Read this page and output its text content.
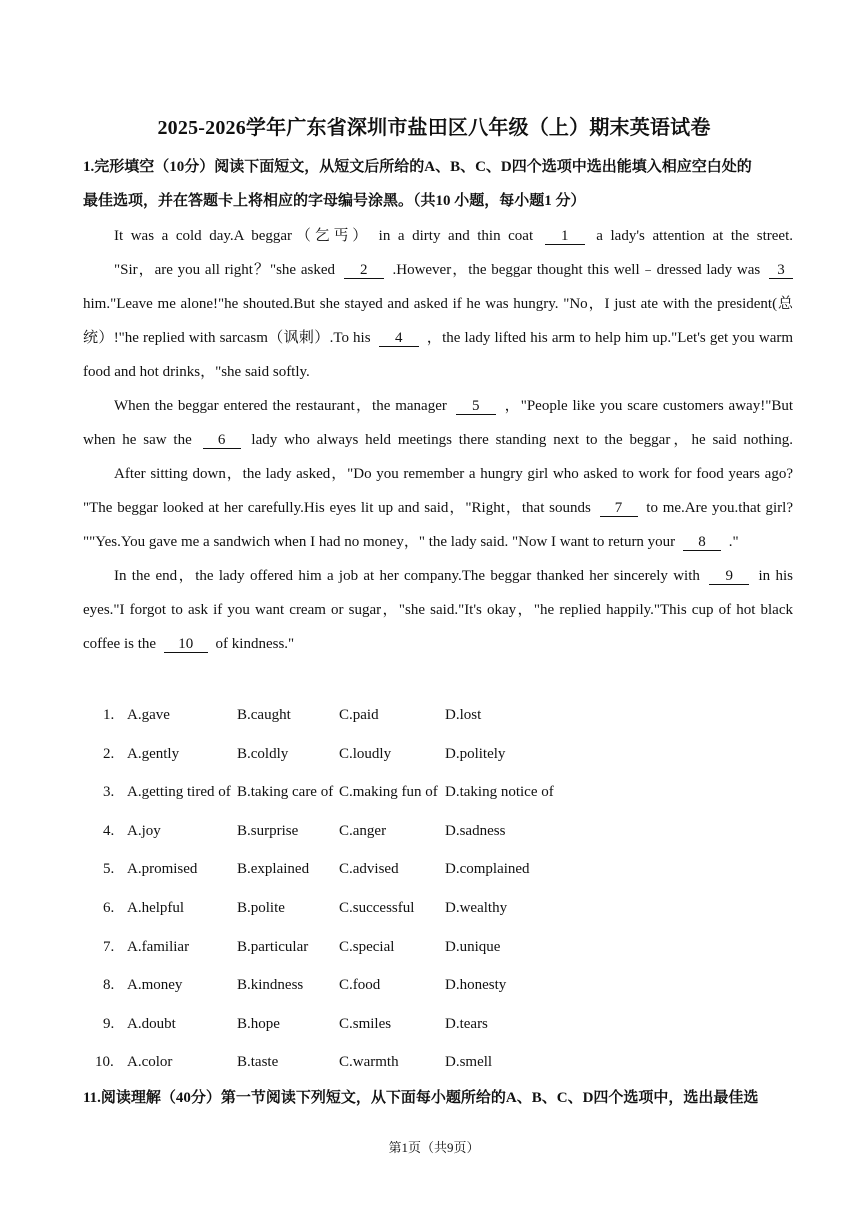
2025-2026学年广东省深圳市盐田区八年级（上）期末英语试卷
1.完形填空（10分）阅读下面短文，从短文后所给的A、B、C、D四个选项中选出能填入相应空白处的
最佳选项，并在答题卡上将相应的字母编号涂黑。（共10 小题，每小题1 分）
It was a cold day.A beggar（乞丐） in a dirty and thin coat 1 a lady's attention at the street.
"Sir，are you all right？"she asked 2 .However，the beggar thought this well﹣dressed lady was 3
him."Leave me alone!"he shouted.But she stayed and asked if he was hungry. "No，I just ate with the president(总
统）!"he replied with sarcasm（讽刺）.To his 4 ，the lady lifted his arm to help him up."Let's get you warm
food and hot drinks，"she said softly.
When the beggar entered the restaurant，the manager 5 ，"People like you scare customers away!"But
when he saw the 6 lady who always held meetings there standing next to the beggar，he said nothing.
After sitting down，the lady asked，"Do you remember a hungry girl who asked to work for food years ago?
"The beggar looked at her carefully.His eyes lit up and said，"Right，that sounds 7 to me.Are you.that girl?
""Yes.You gave me a sandwich when I had no money，" the lady said. "Now I want to return your 8 ."
In the end，the lady offered him a job at her company.The beggar thanked her sincerely with 9 in his
eyes."I forgot to ask if you want cream or sugar，"she said."It's okay，"he replied happily."This cup of hot black
coffee is the 10 of kindness."
1. A.gave	B.caught	C.paid	D.lost
2. A.gently	B.coldly	C.loudly	D.politely
3. A.getting tired of B.taking care of C.making fun of D.taking notice of
4. A.joy	B.surprise	C.anger	D.sadness
5. A.promised	B.explained C.advised	D.complained
6. A.helpful	B.polite	C.successful D.wealthy
7. A.familiar	B.particular C.special	D.unique
8. A.money	B.kindness C.food	D.honesty
9. A.doubt	B.hope	C.smiles	D.tears
10. A.color	B.taste	C.warmth	D.smell
11.阅读理解（40分）第一节阅读下列短文，从下面每小题所给的A、B、C、D四个选项中，选出最佳选
第1页（共9页）
